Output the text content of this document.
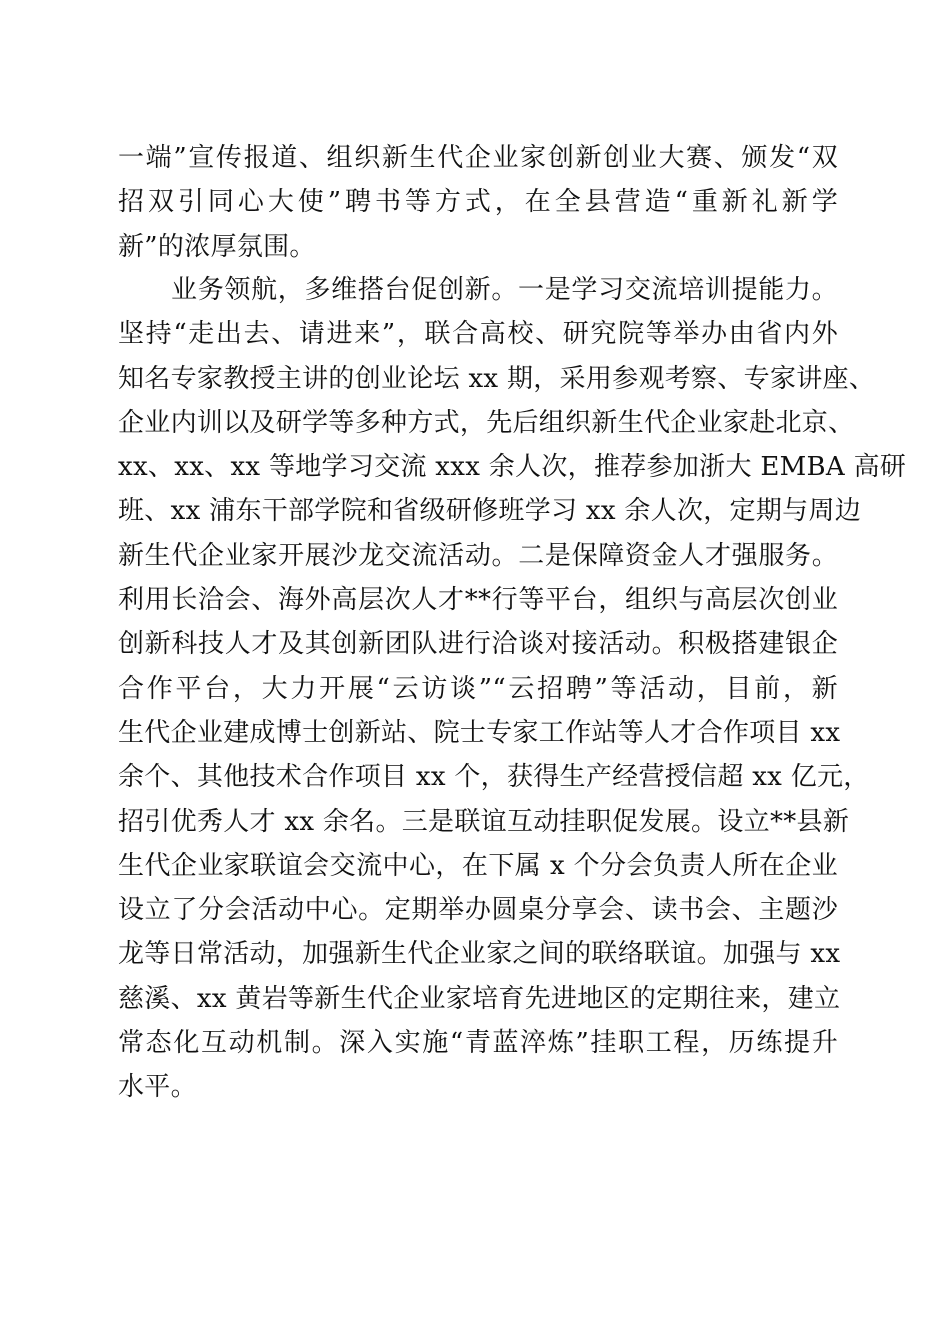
一端”宣传报道、组织新生代企业家创新创业大赛、颁发“双
招双引同心大使”聘书等方式，在全县营造“重新礼新学
新”的浓厚氛围。
业务领航，多维搭台促创新。一是学习交流培训提能力。
坚持“走出去、请进来”，联合高校、研究院等举办由省内外
知名专家教授主讲的创业论坛 xx 期，采用参观考察、专家讲座、
企业内训以及研学等多种方式，先后组织新生代企业家赴北京、
xx、xx、xx 等地学习交流 xxx 余人次，推荐参加浙大 EMBA 高研
班、xx 浦东干部学院和省级研修班学习 xx 余人次，定期与周边
新生代企业家开展沙龙交流活动。二是保障资金人才强服务。
利用长洽会、海外高层次人才**行等平台，组织与高层次创业
创新科技人才及其创新团队进行洽谈对接活动。积极搭建银企
合作平台，大力开展“云访谈”“云招聘”等活动，目前，新
生代企业建成博士创新站、院士专家工作站等人才合作项目 xx
余个、其他技术合作项目 xx 个，获得生产经营授信超 xx 亿元，
招引优秀人才 xx 余名。三是联谊互动挂职促发展。设立**县新
生代企业家联谊会交流中心，在下属 x 个分会负责人所在企业
设立了分会活动中心。定期举办圆桌分享会、读书会、主题沙
龙等日常活动，加强新生代企业家之间的联络联谊。加强与 xx
慈溪、xx 黄岩等新生代企业家培育先进地区的定期往来，建立
常态化互动机制。深入实施“青蓝淬炼”挂职工程，历练提升
水平。
